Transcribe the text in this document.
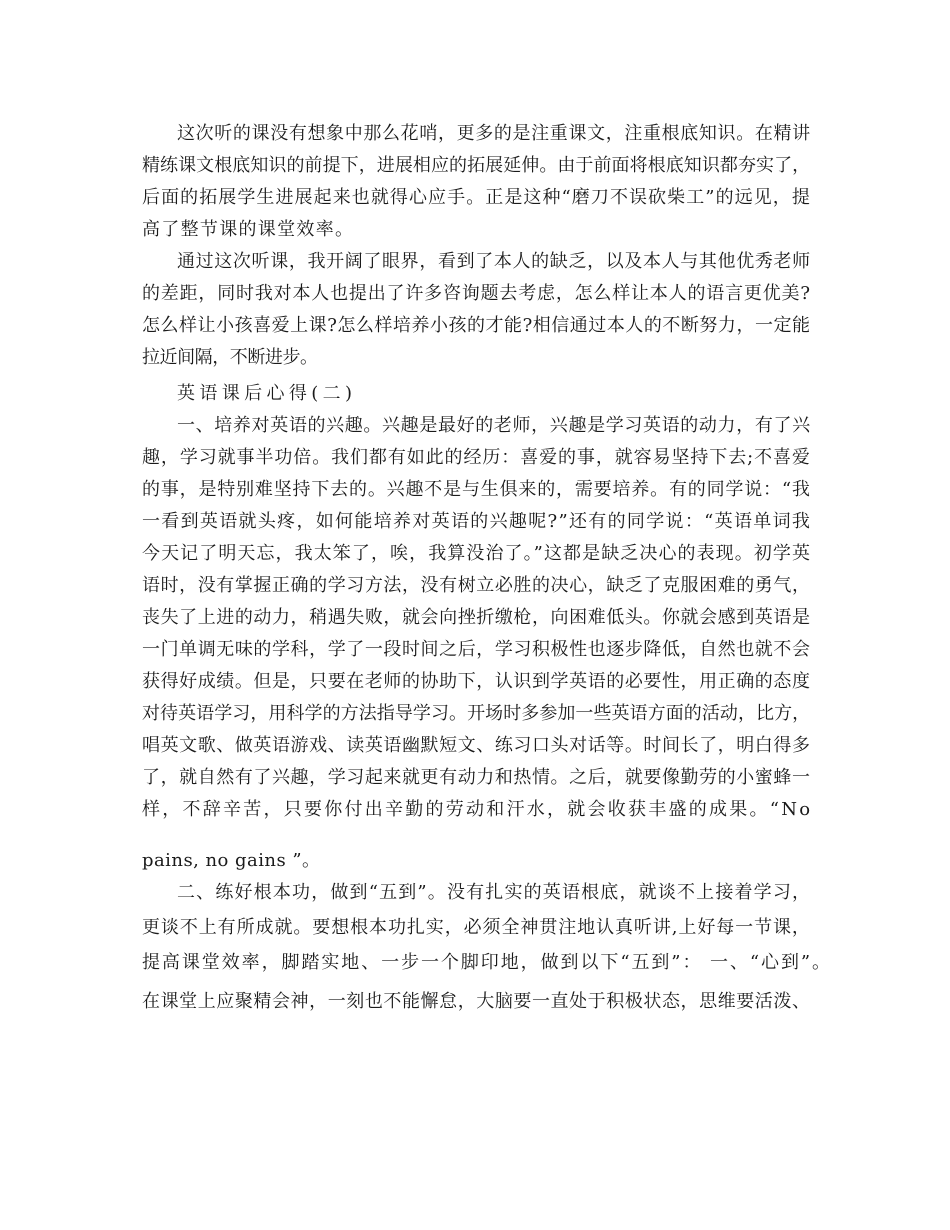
这次听的课没有想象中那么花哨，更多的是注重课文，注重根底知识。在精讲
精练课文根底知识的前提下，进展相应的拓展延伸。由于前面将根底知识都夯实了，
后面的拓展学生进展起来也就得心应手。正是这种“磨刀不误砍柴工”的远见，提
高了整节课的课堂效率。
通过这次听课，我开阔了眼界，看到了本人的缺乏，以及本人与其他优秀老师
的差距，同时我对本人也提出了许多咨询题去考虑，怎么样让本人的语言更优美?
怎么样让小孩喜爱上课?怎么样培养小孩的才能?相信通过本人的不断努力，一定能
拉近间隔，不断进步。
英语课后心得(二)
一、培养对英语的兴趣。兴趣是最好的老师，兴趣是学习英语的动力，有了兴
趣，学习就事半功倍。我们都有如此的经历：喜爱的事，就容易坚持下去;不喜爱
的事，是特别难坚持下去的。兴趣不是与生俱来的，需要培养。有的同学说：“我
一看到英语就头疼，如何能培养对英语的兴趣呢?”还有的同学说：“英语单词我
今天记了明天忘，我太笨了，唉，我算没治了。”这都是缺乏决心的表现。初学英
语时，没有掌握正确的学习方法，没有树立必胜的决心，缺乏了克服困难的勇气，
丧失了上进的动力，稍遇失败，就会向挫折缴枪，向困难低头。你就会感到英语是
一门单调无味的学科，学了一段时间之后，学习积极性也逐步降低，自然也就不会
获得好成绩。但是，只要在老师的协助下，认识到学英语的必要性，用正确的态度
对待英语学习，用科学的方法指导学习。开场时多参加一些英语方面的活动，比方，
唱英文歌、做英语游戏、读英语幽默短文、练习口头对话等。时间长了，明白得多
了，就自然有了兴趣，学习起来就更有动力和热情。之后，就要像勤劳的小蜜蜂一
样，不辞辛苦，只要你付出辛勤的劳动和汗水，就会收获丰盛的成果。“No
pains, no gains ”。
二、练好根本功，做到“五到”。没有扎实的英语根底，就谈不上接着学习，
更谈不上有所成就。要想根本功扎实，必须全神贯注地认真听讲,上好每一节课，
提高课堂效率，脚踏实地、一步一个脚印地，做到以下“五到”： 一、“心到”。
在课堂上应聚精会神，一刻也不能懈怠，大脑要一直处于积极状态，思维要活泼、
